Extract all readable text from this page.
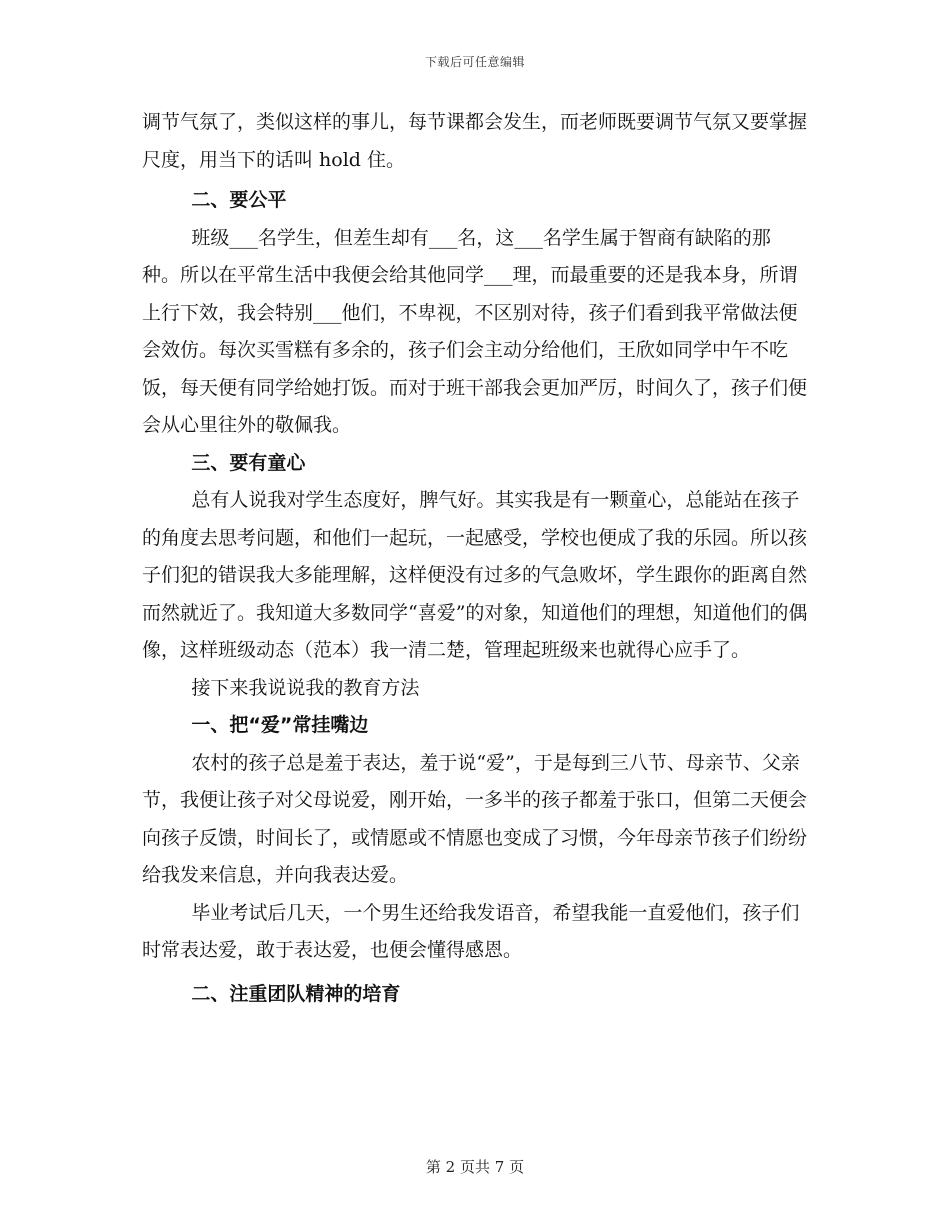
下载后可任意编辑

调节气氛了，类似这样的事儿，每节课都会发生，而老师既要调节气氛又要掌握尺度，用当下的话叫 hold 住。

二、要公平

班级___名学生，但差生却有___名，这___名学生属于智商有缺陷的那种。所以在平常生活中我便会给其他同学___理，而最重要的还是我本身，所谓上行下效，我会特别___他们，不卑视，不区别对待，孩子们看到我平常做法便会效仿。每次买雪糕有多余的，孩子们会主动分给他们，王欣如同学中午不吃饭，每天便有同学给她打饭。而对于班干部我会更加严厉，时间久了，孩子们便会从心里往外的敬佩我。

三、要有童心

总有人说我对学生态度好，脾气好。其实我是有一颗童心，总能站在孩子的角度去思考问题，和他们一起玩，一起感受，学校也便成了我的乐园。所以孩子们犯的错误我大多能理解，这样便没有过多的气急败坏，学生跟你的距离自然而然就近了。我知道大多数同学“喜爱”的对象，知道他们的理想，知道他们的偶像，这样班级动态（范本）我一清二楚，管理起班级来也就得心应手了。

接下来我说说我的教育方法

一、把“爱”常挂嘴边

农村的孩子总是羞于表达，羞于说“爱”，于是每到三八节、母亲节、父亲节，我便让孩子对父母说爱，刚开始，一多半的孩子都羞于张口，但第二天便会向孩子反馈，时间长了，或情愿或不情愿也变成了习惯，今年母亲节孩子们纷纷给我发来信息，并向我表达爱。

毕业考试后几天，一个男生还给我发语音，希望我能一直爱他们，孩子们时常表达爱，敢于表达爱，也便会懂得感恩。

二、注重团队精神的培育

第 2 页共 7 页
